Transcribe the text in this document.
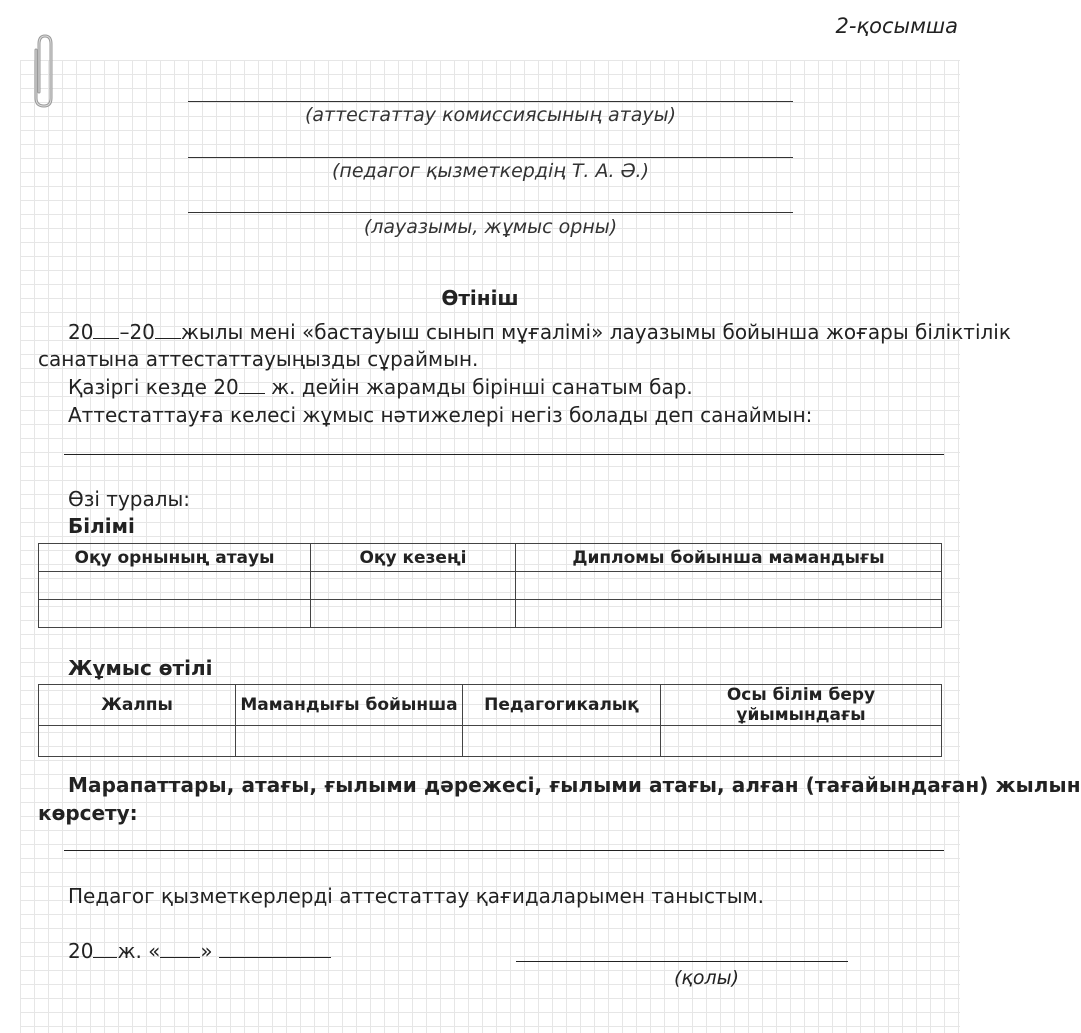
2-қосымша
(аттестаттау комиссиясының атауы)
(педагог қызметкердің Т. А. Ә.)
(лауазымы, жұмыс орны)
Өтініш
20 –20 жылы мені «бастауыш сынып мұғалімі» лауазымы бойынша жоғары біліктілік
санатына аттестаттауыңызды сұраймын.
Қазіргі кезде 20 ж. дейін жарамды бірінші санатым бар.
Аттестаттауға келесі жұмыс нәтижелері негіз болады деп санаймын:
Өзі туралы:
Білімі
Оқу орнының атауы	Оқу кезеңі	Дипломы бойынша мамандығы

Жұмыс өтілі
Жалпы	Мамандығы бойынша	Педагогикалық	Осы білім беру ұйымындағы

Марапаттары, атағы, ғылыми дәрежесі, ғылыми атағы, алған (тағайындаған) жылын
көрсету:
Педагог қызметкерлерді аттестаттау қағидаларымен таныстым.
20 ж. « »
(қолы)
